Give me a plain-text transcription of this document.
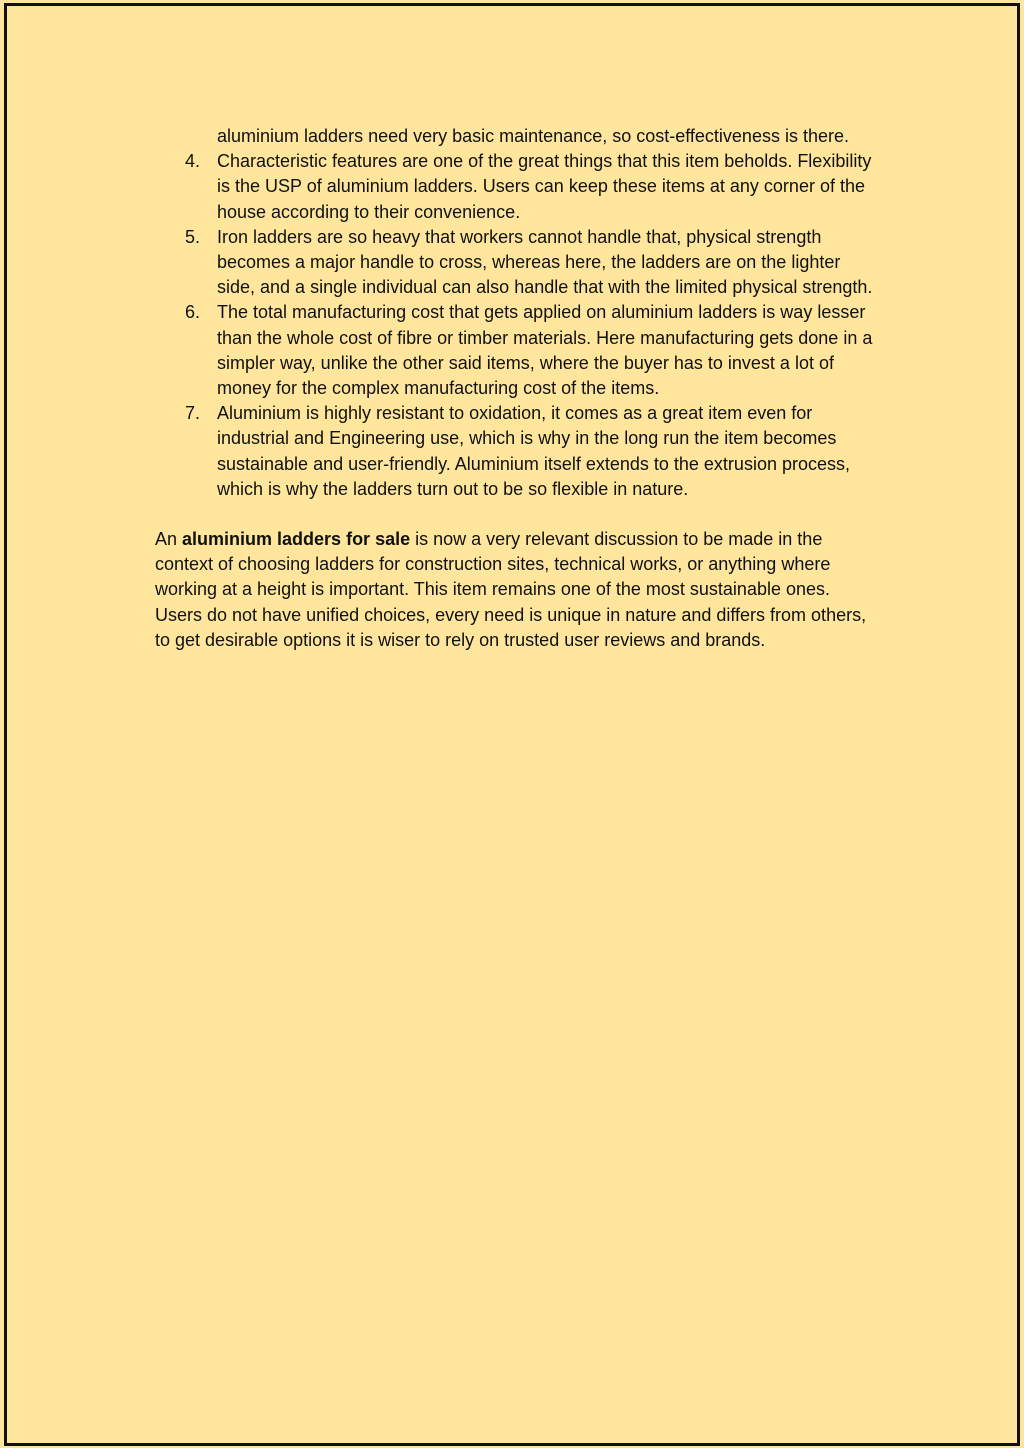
aluminium ladders need very basic maintenance, so cost-effectiveness is there.

4. Characteristic features are one of the great things that this item beholds. Flexibility is the USP of aluminium ladders. Users can keep these items at any corner of the house according to their convenience.
5. Iron ladders are so heavy that workers cannot handle that, physical strength becomes a major handle to cross, whereas here, the ladders are on the lighter side, and a single individual can also handle that with the limited physical strength.
6. The total manufacturing cost that gets applied on aluminium ladders is way lesser than the whole cost of fibre or timber materials. Here manufacturing gets done in a simpler way, unlike the other said items, where the buyer has to invest a lot of money for the complex manufacturing cost of the items.
7. Aluminium is highly resistant to oxidation, it comes as a great item even for industrial and Engineering use, which is why in the long run the item becomes sustainable and user-friendly. Aluminium itself extends to the extrusion process, which is why the ladders turn out to be so flexible in nature.

An aluminium ladders for sale is now a very relevant discussion to be made in the context of choosing ladders for construction sites, technical works, or anything where working at a height is important. This item remains one of the most sustainable ones. Users do not have unified choices, every need is unique in nature and differs from others, to get desirable options it is wiser to rely on trusted user reviews and brands.
